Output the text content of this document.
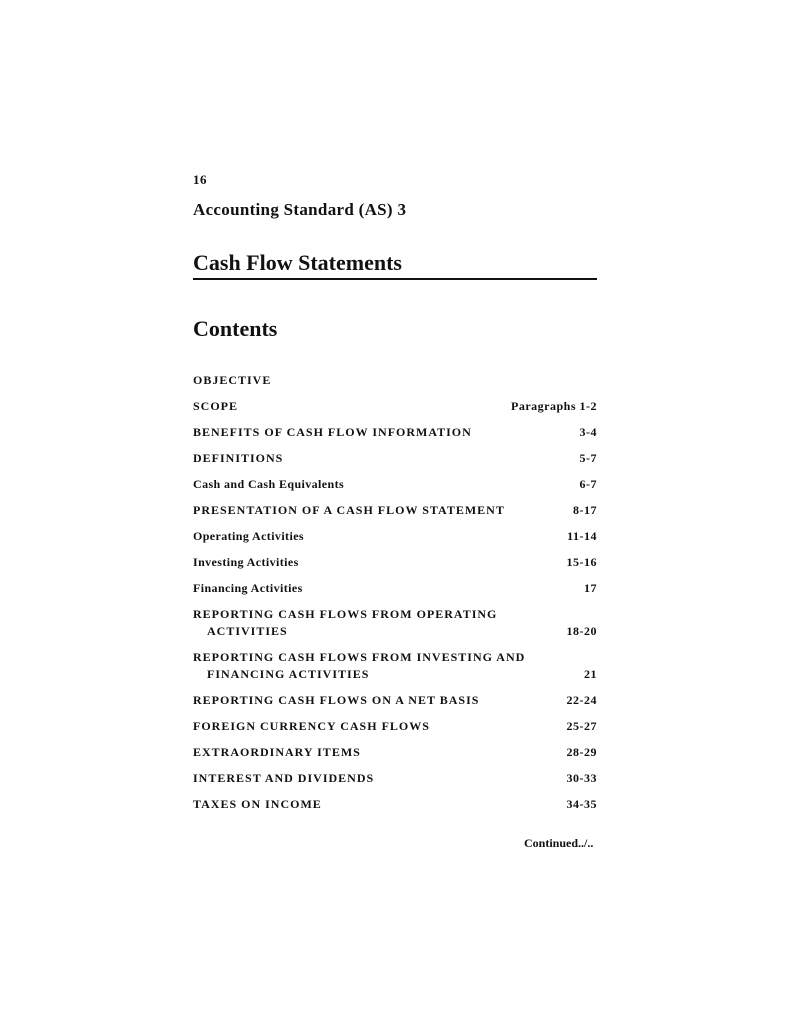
16
Accounting Standard (AS) 3
Cash Flow Statements
Contents
OBJECTIVE
SCOPE	Paragraphs 1-2
BENEFITS OF CASH FLOW INFORMATION	3-4
DEFINITIONS	5-7
Cash and Cash Equivalents	6-7
PRESENTATION OF A CASH FLOW STATEMENT	8-17
Operating Activities	11-14
Investing Activities	15-16
Financing Activities	17
REPORTING CASH FLOWS FROM OPERATING
ACTIVITIES	18-20
REPORTING CASH FLOWS FROM INVESTING AND
FINANCING ACTIVITIES	21
REPORTING CASH FLOWS ON A NET BASIS	22-24
FOREIGN CURRENCY CASH FLOWS	25-27
EXTRAORDINARY ITEMS	28-29
INTEREST AND DIVIDENDS	30-33
TAXES ON INCOME	34-35
Continued../..
